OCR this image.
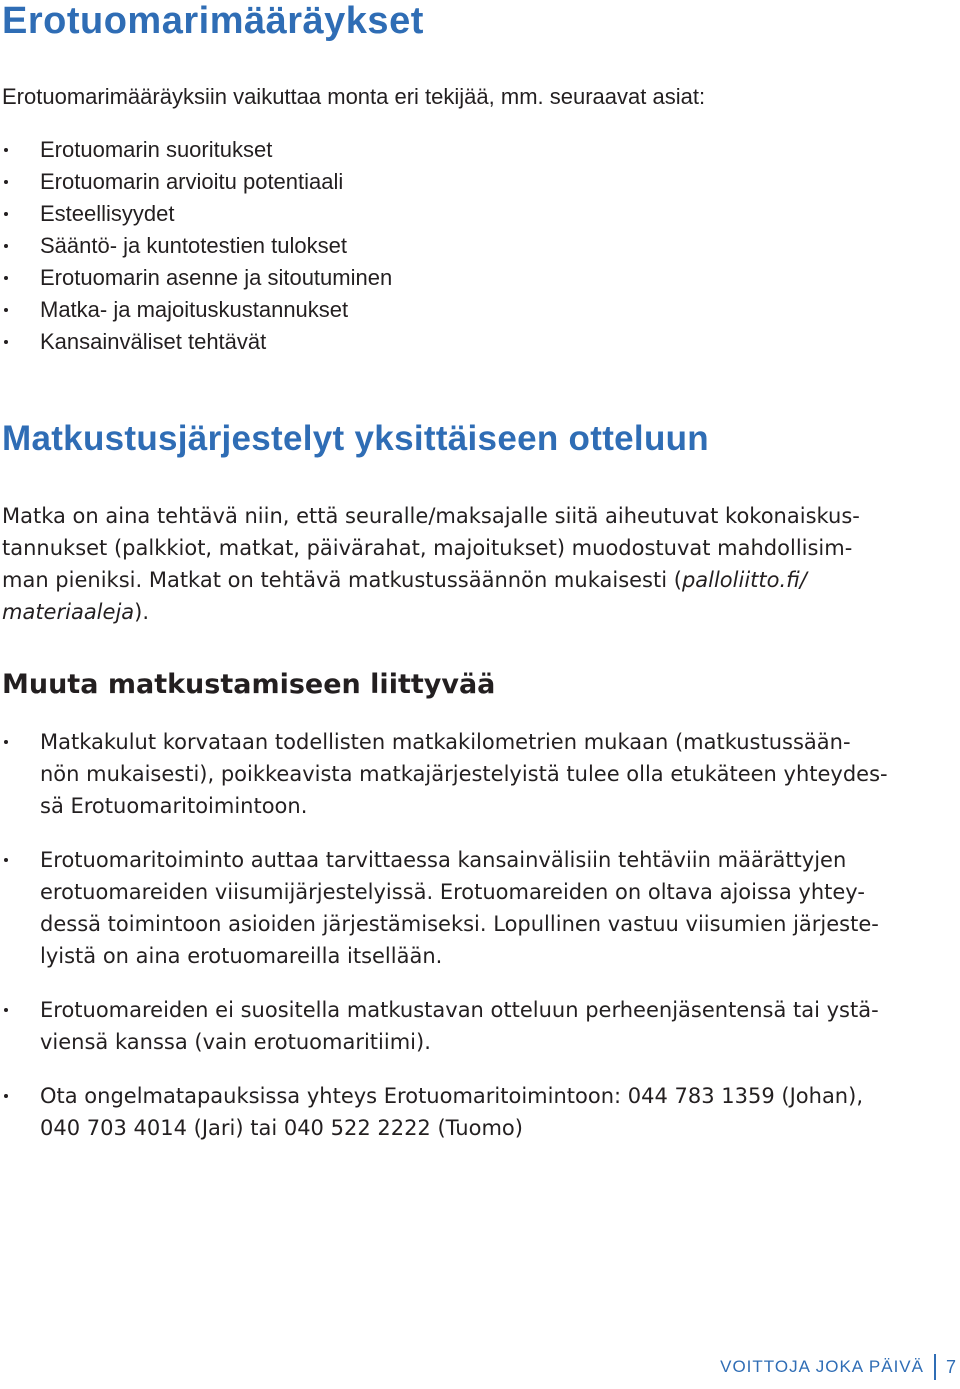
Erotuomarimääräykset

Erotuomarimääräyksiin vaikuttaa monta eri tekijää, mm. seuraavat asiat:

Erotuomarin suoritukset
Erotuomarin arvioitu potentiaali
Esteellisyydet
Sääntö- ja kuntotestien tulokset
Erotuomarin asenne ja sitoutuminen
Matka- ja majoituskustannukset
Kansainväliset tehtävät
Matkustusjärjestelyt yksittäiseen otteluun

Matka on aina tehtävä niin, että seuralle/maksajalle siitä aiheutuvat kokonaiskus-
tannukset (palkkiot, matkat, päivärahat, majoitukset) muodostuvat mahdollisim-
man pieniksi. Matkat on tehtävä matkustussäännön mukaisesti (palloliitto.fi/
materiaaleja).

Muuta matkustamiseen liittyvää
Matkakulut korvataan todellisten matkakilometrien mukaan (matkustussään-
nön mukaisesti), poikkeavista matkajärjestelyistä tulee olla etukäteen yhteydes-
sä Erotuomaritoimintoon.
Erotuomaritoiminto auttaa tarvittaessa kansainvälisiin tehtäviin määrättyjen
erotuomareiden viisumijärjestelyissä. Erotuomareiden on oltava ajoissa yhtey-
dessä toimintoon asioiden järjestämiseksi. Lopullinen vastuu viisumien järjeste-
lyistä on aina erotuomareilla itsellään.
Erotuomareiden ei suositella matkustavan otteluun perheenjäsentensä tai ystä-
viensä kanssa (vain erotuomaritiimi).
Ota ongelmatapauksissa yhteys Erotuomaritoimintoon: 044 783 1359 (Johan),
040 703 4014 (Jari) tai 040 522 2222 (Tuomo)
VOITTOJA JOKA PÄIVÄ 7
